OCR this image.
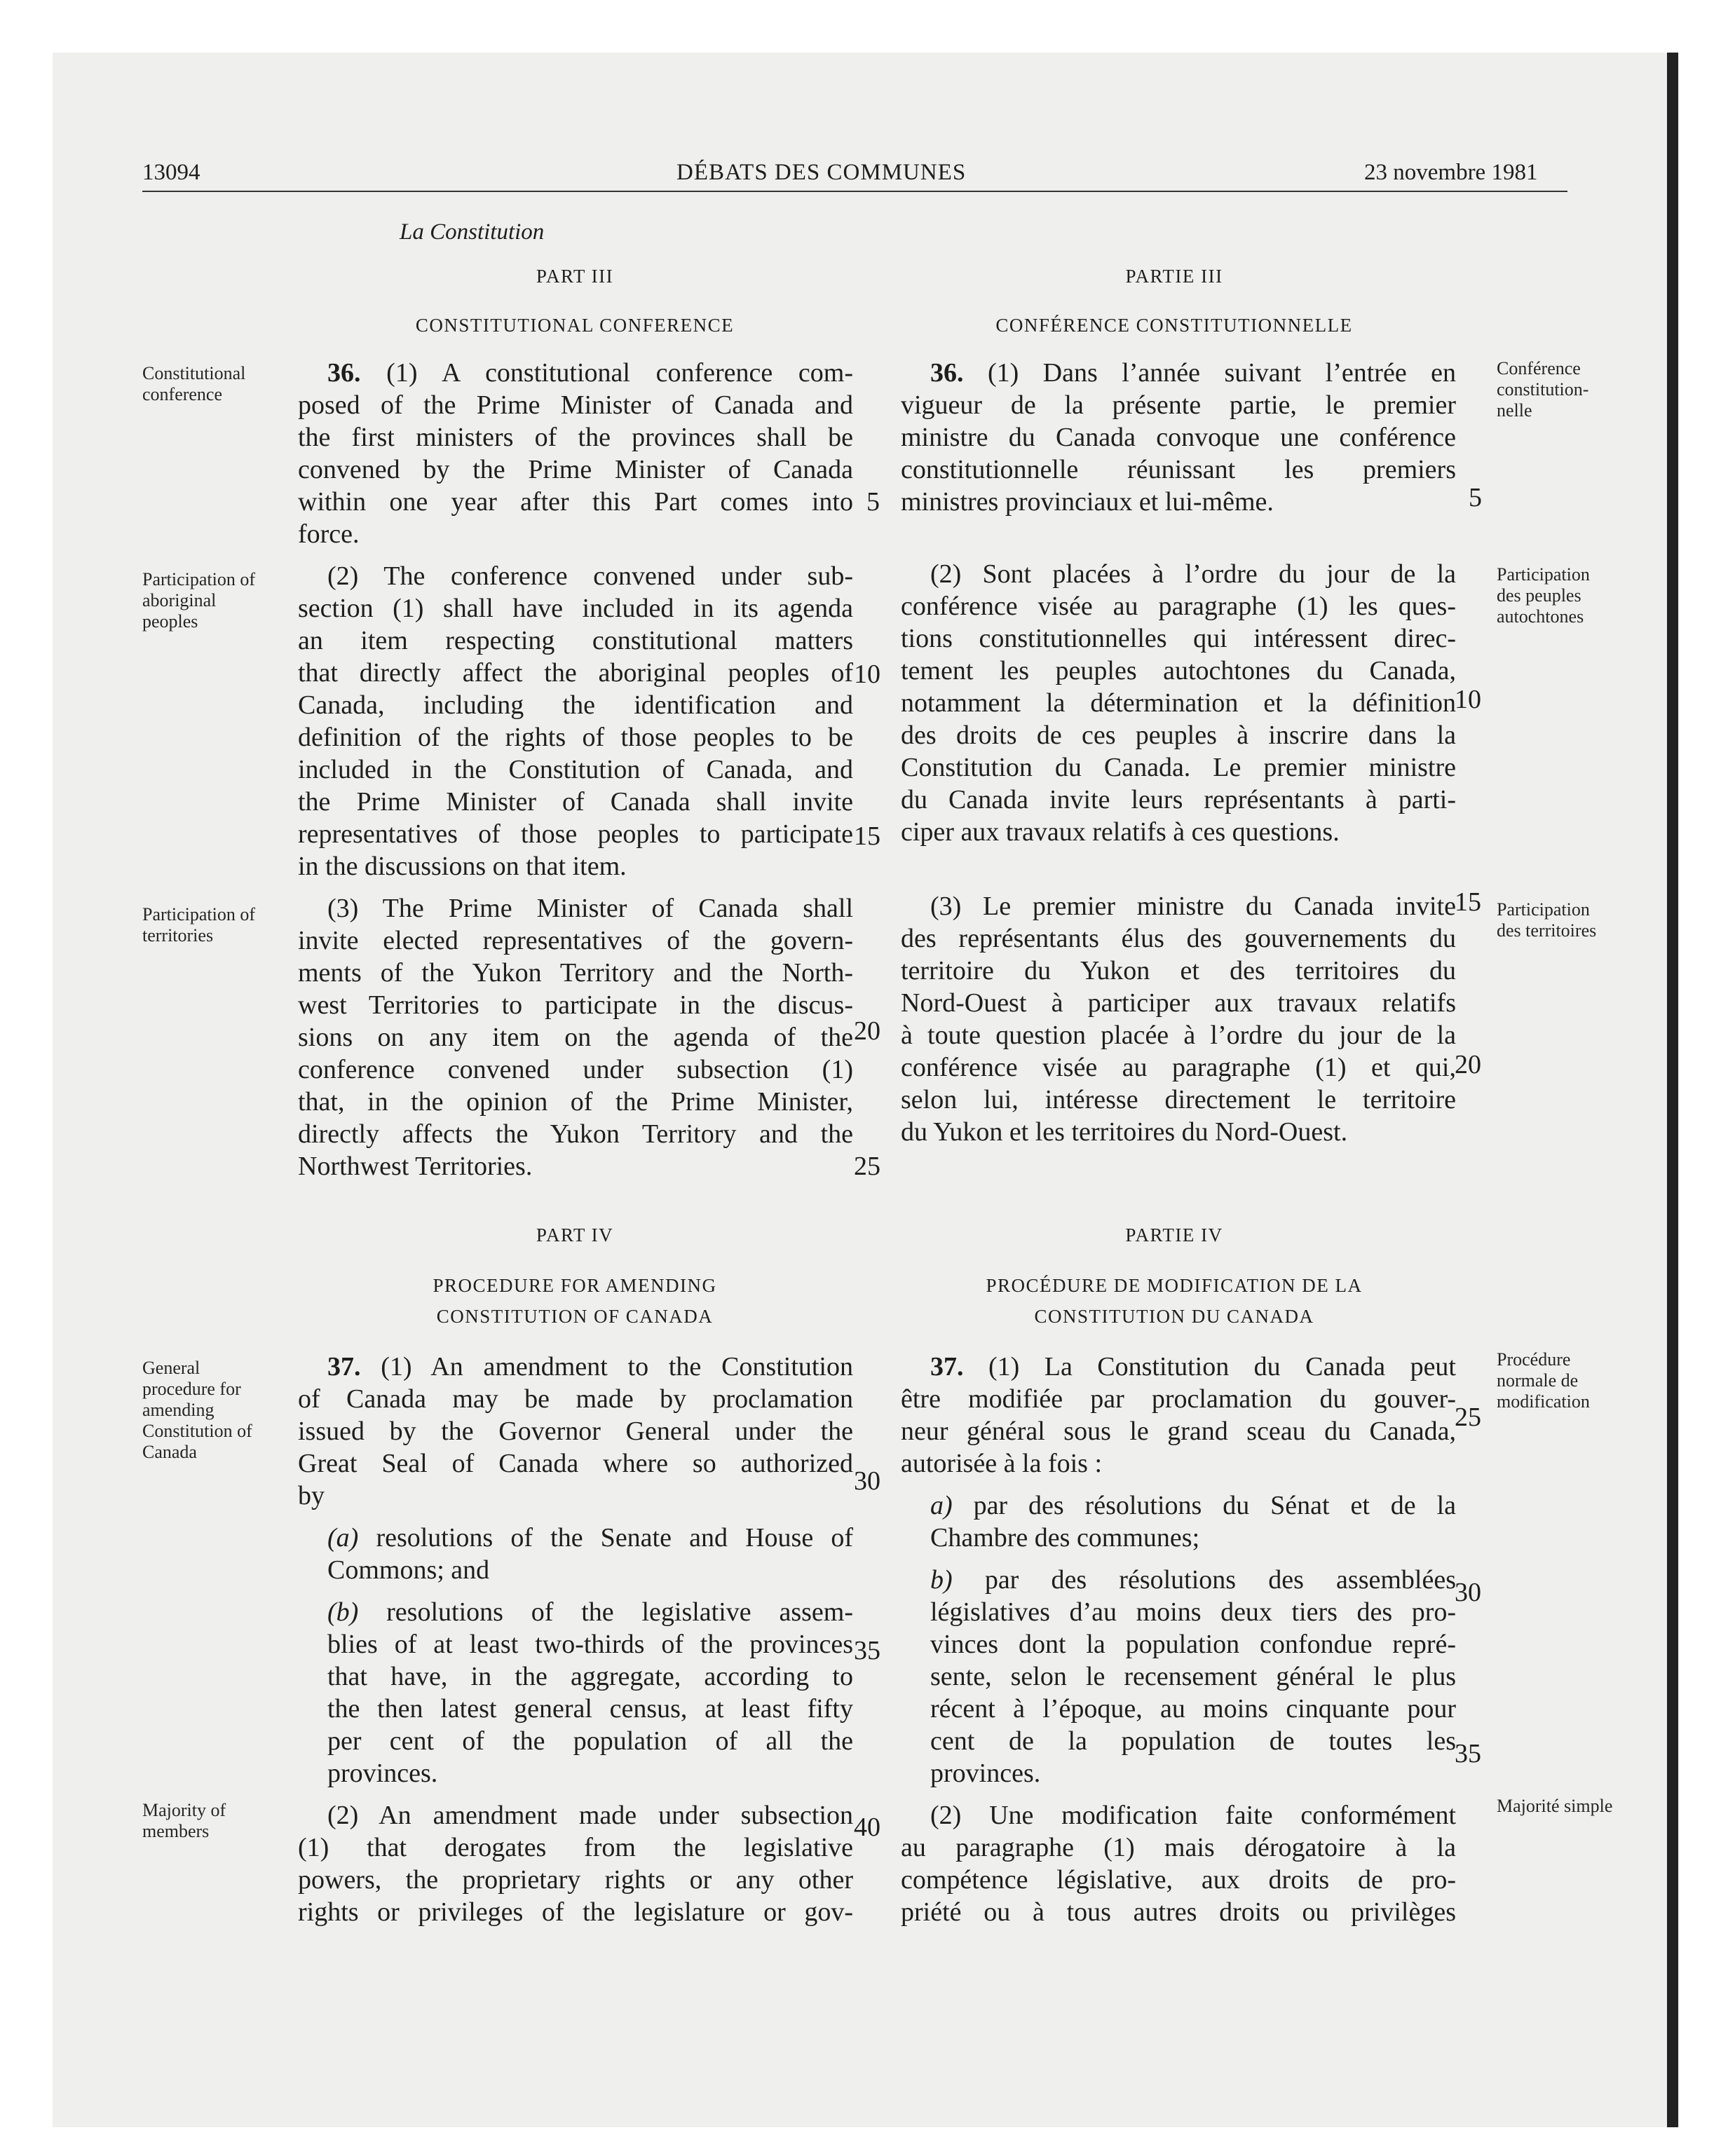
13094	DÉBATS DES COMMUNES	23 novembre 1981
La Constitution
PART III
CONSTITUTIONAL CONFERENCE
PARTIE III
CONFÉRENCE CONSTITUTIONNELLE
PART IV
PROCEDURE FOR AMENDING
CONSTITUTION OF CANADA
PARTIE IV
PROCÉDURE DE MODIFICATION DE LA
CONSTITUTION DU CANADA
Constitutional
conference
Participation of
aboriginal
peoples
Participation of
territories
General
procedure for
amending
Constitution of
Canada
Majority of
members
Conférence
constitution-
nelle
Participation
des peuples
autochtones
Participation
des territoires
Procédure
normale de
modification
Majorité simple

36. (1) A constitutional conference com-

posed of the Prime Minister of Canada and

the first ministers of the provinces shall be

convened by the Prime Minister of Canada

within one year after this Part comes into

force.

(2) The conference convened under sub-

section (1) shall have included in its agenda

an item respecting constitutional matters

that directly affect the aboriginal peoples of

Canada, including the identification and

definition of the rights of those peoples to be

included in the Constitution of Canada, and

the Prime Minister of Canada shall invite

representatives of those peoples to participate

in the discussions on that item.

(3) The Prime Minister of Canada shall

invite elected representatives of the govern-

ments of the Yukon Territory and the North-

west Territories to participate in the discus-

sions on any item on the agenda of the

conference convened under subsection (1)

that, in the opinion of the Prime Minister,

directly affects the Yukon Territory and the

Northwest Territories.

36. (1) Dans l’année suivant l’entrée en

vigueur de la présente partie, le premier

ministre du Canada convoque une conférence

constitutionnelle réunissant les premiers

ministres provinciaux et lui-même.

(2) Sont placées à l’ordre du jour de la

conférence visée au paragraphe (1) les ques-

tions constitutionnelles qui intéressent direc-

tement les peuples autochtones du Canada,

notamment la détermination et la définition

des droits de ces peuples à inscrire dans la

Constitution du Canada. Le premier ministre

du Canada invite leurs représentants à parti-

ciper aux travaux relatifs à ces questions.

(3) Le premier ministre du Canada invite

des représentants élus des gouvernements du

territoire du Yukon et des territoires du

Nord-Ouest à participer aux travaux relatifs

à toute question placée à l’ordre du jour de la

conférence visée au paragraphe (1) et qui,

selon lui, intéresse directement le territoire

du Yukon et les territoires du Nord-Ouest.

37. (1) An amendment to the Constitution

of Canada may be made by proclamation

issued by the Governor General under the

Great Seal of Canada where so authorized

by

(a) resolutions of the Senate and House of

Commons; and

(b) resolutions of the legislative assem-

blies of at least two-thirds of the provinces

that have, in the aggregate, according to

the then latest general census, at least fifty

per cent of the population of all the

provinces.

(2) An amendment made under subsection

(1) that derogates from the legislative

powers, the proprietary rights or any other

rights or privileges of the legislature or gov-

37. (1) La Constitution du Canada peut

être modifiée par proclamation du gouver-

neur général sous le grand sceau du Canada,

autorisée à la fois :

a) par des résolutions du Sénat et de la

Chambre des communes;

b) par des résolutions des assemblées

législatives d’au moins deux tiers des pro-

vinces dont la population confondue repré-

sente, selon le recensement général le plus

récent à l’époque, au moins cinquante pour

cent de la population de toutes les

provinces.

(2) Une modification faite conformément

au paragraphe (1) mais dérogatoire à la

compétence législative, aux droits de pro-

priété ou à tous autres droits ou privilèges

5
10
15
20
25
30
35
40
5
10
15
20
25
30
35
